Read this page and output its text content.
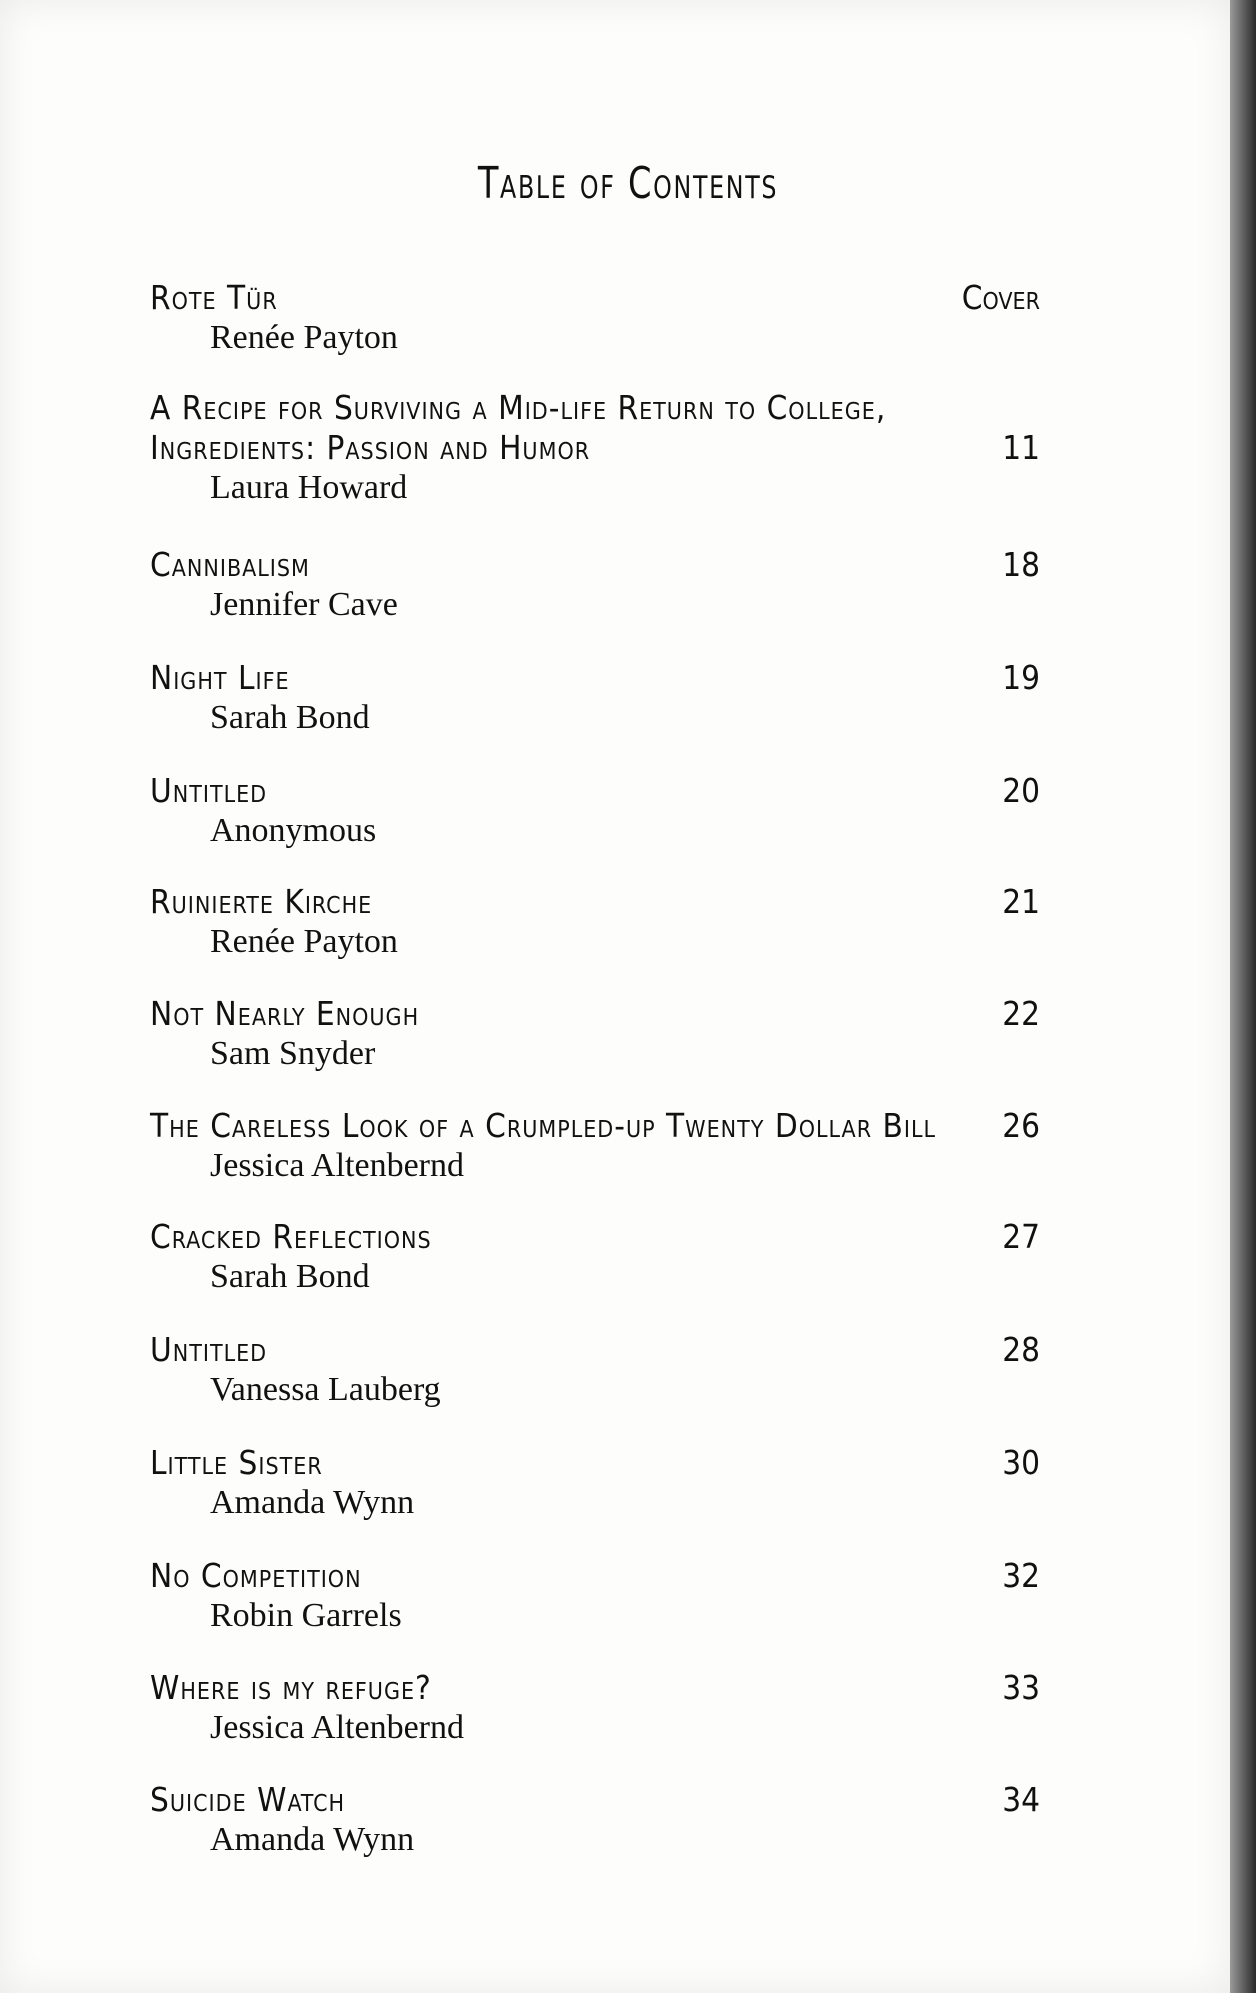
Table of Contents
Rote Tür
Renée Payton
Cover
A Recipe for Surviving a Mid-life Return to College,
Ingredients: Passion and Humor
Laura Howard
11
Cannibalism
Jennifer Cave
18
Night Life
Sarah Bond
19
Untitled
Anonymous
20
Ruinierte Kirche
Renée Payton
21
Not Nearly Enough
Sam Snyder
22
The Careless Look of a Crumpled-up Twenty Dollar Bill
Jessica Altenbernd
26
Cracked Reflections
Sarah Bond
27
Untitled
Vanessa Lauberg
28
Little Sister
Amanda Wynn
30
No Competition
Robin Garrels
32
Where is my refuge?
Jessica Altenbernd
33
Suicide Watch
Amanda Wynn
34
